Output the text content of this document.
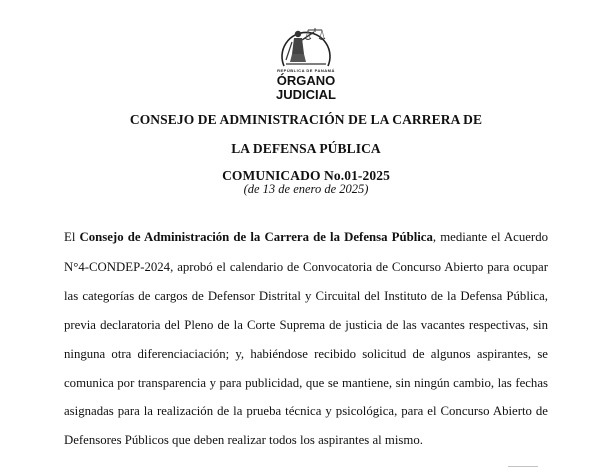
REPÚBLICA DE PANAMÁ
ÓRGANO
JUDICIAL
CONSEJO DE ADMINISTRACIÓN DE LA CARRERA DE
LA DEFENSA PÚBLICA
COMUNICADO No.01-2025
(de 13 de enero de 2025)
El Consejo de Administración de la Carrera de la Defensa Pública, mediante el Acuerdo
N°4-CONDEP-2024, aprobó el calendario de Convocatoria de Concurso Abierto para ocupar
las categorías de cargos de Defensor Distrital y Circuital del Instituto de la Defensa Pública,
previa declaratoria del Pleno de la Corte Suprema de justicia de las vacantes respectivas, sin
ninguna otra diferenciaciación; y, habiéndose recibido solicitud de algunos aspirantes, se
comunica por transparencia y para publicidad, que se mantiene, sin ningún cambio, las fechas
asignadas para la realización de la prueba técnica y psicológica, para el Concurso Abierto de
Defensores Públicos que deben realizar todos los aspirantes al mismo.
